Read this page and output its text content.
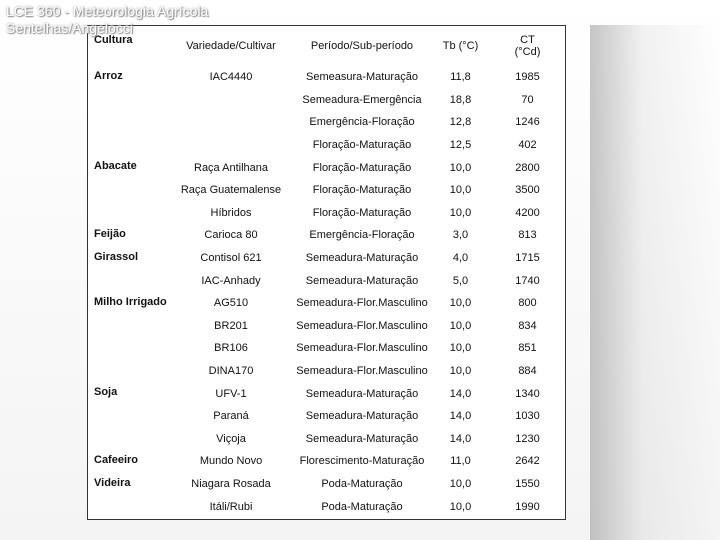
Cultura	Variedade/Cultivar	Período/Sub-período	Tb (°C)	CT
(°Cd)

Arroz	IAC4440	Semeasura-Maturação	11,8	1985
		Semeadura-Emergência	18,8	70
		Emergência-Floração	12,8	1246
		Floração-Maturação	12,5	402
Abacate	Raça Antilhana	Floração-Maturação	10,0	2800
	Raça Guatemalense	Floração-Maturação	10,0	3500
	Híbridos	Floração-Maturação	10,0	4200
Feijão	Carioca 80	Emergência-Floração	3,0	813
Girassol	Contisol 621	Semeadura-Maturação	4,0	1715
	IAC-Anhady	Semeadura-Maturação	5,0	1740
Milho Irrigado	AG510	Semeadura-Flor.Masculino	10,0	800
	BR201	Semeadura-Flor.Masculino	10,0	834
	BR106	Semeadura-Flor.Masculino	10,0	851
	DINA170	Semeadura-Flor.Masculino	10,0	884
Soja	UFV-1	Semeadura-Maturação	14,0	1340
	Paraná	Semeadura-Maturação	14,0	1030
	Viçoja	Semeadura-Maturação	14,0	1230
Cafeeiro	Mundo Novo	Florescimento-Maturação	11,0	2642
Videira	Niagara Rosada	Poda-Maturação	10,0	1550
	Itáli/Rubi	Poda-Maturação	10,0	1990
LCE 360 - Meteorologia Agrícola
Sentelhas/Angelocci
